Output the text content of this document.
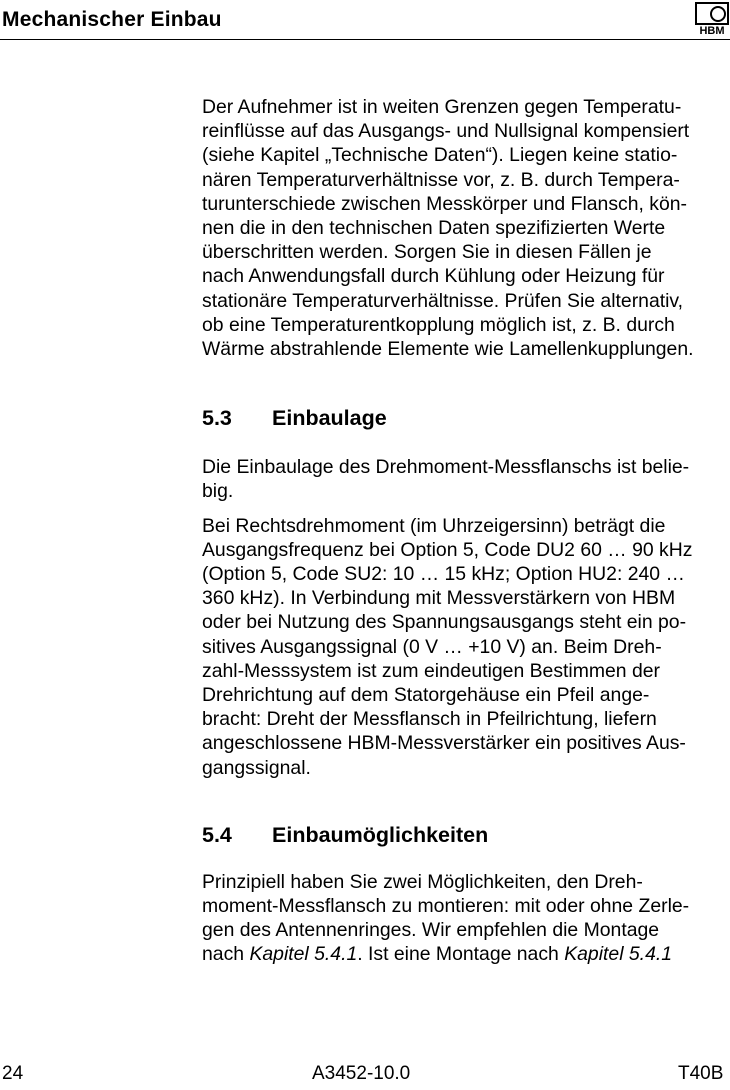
Mechanischer Einbau	HBM

Der Aufnehmer ist in weiten Grenzen gegen Temperatu-
reinflüsse auf das Ausgangs- und Nullsignal kompensiert
(siehe Kapitel „Technische Daten“). Liegen keine statio-
nären Temperaturverhältnisse vor, z. B. durch Tempera-
turunterschiede zwischen Messkörper und Flansch, kön-
nen die in den technischen Daten spezifizierten Werte
überschritten werden. Sorgen Sie in diesen Fällen je
nach Anwendungsfall durch Kühlung oder Heizung für
stationäre Temperaturverhältnisse. Prüfen Sie alternativ,
ob eine Temperaturentkopplung möglich ist, z. B. durch
Wärme abstrahlende Elemente wie Lamellenkupplungen.

5.3	Einbaulage

Die Einbaulage des Drehmoment-Messflanschs ist belie-
big.

Bei Rechtsdrehmoment (im Uhrzeigersinn) beträgt die
Ausgangsfrequenz bei Option 5, Code DU2 60 … 90 kHz
(Option 5, Code SU2: 10 … 15 kHz; Option HU2: 240 …
360 kHz). In Verbindung mit Messverstärkern von HBM
oder bei Nutzung des Spannungsausgangs steht ein po-
sitives Ausgangssignal (0 V … +10 V) an. Beim Dreh-
zahl-Messsystem ist zum eindeutigen Bestimmen der
Drehrichtung auf dem Statorgehäuse ein Pfeil ange-
bracht: Dreht der Messflansch in Pfeilrichtung, liefern
angeschlossene HBM-Messverstärker ein positives Aus-
gangssignal.

5.4	Einbaumöglichkeiten

Prinzipiell haben Sie zwei Möglichkeiten, den Dreh-
moment-Messflansch zu montieren: mit oder ohne Zerle-
gen des Antennenringes. Wir empfehlen die Montage
nach Kapitel 5.4.1. Ist eine Montage nach Kapitel 5.4.1

24	A3452-10.0	T40B
